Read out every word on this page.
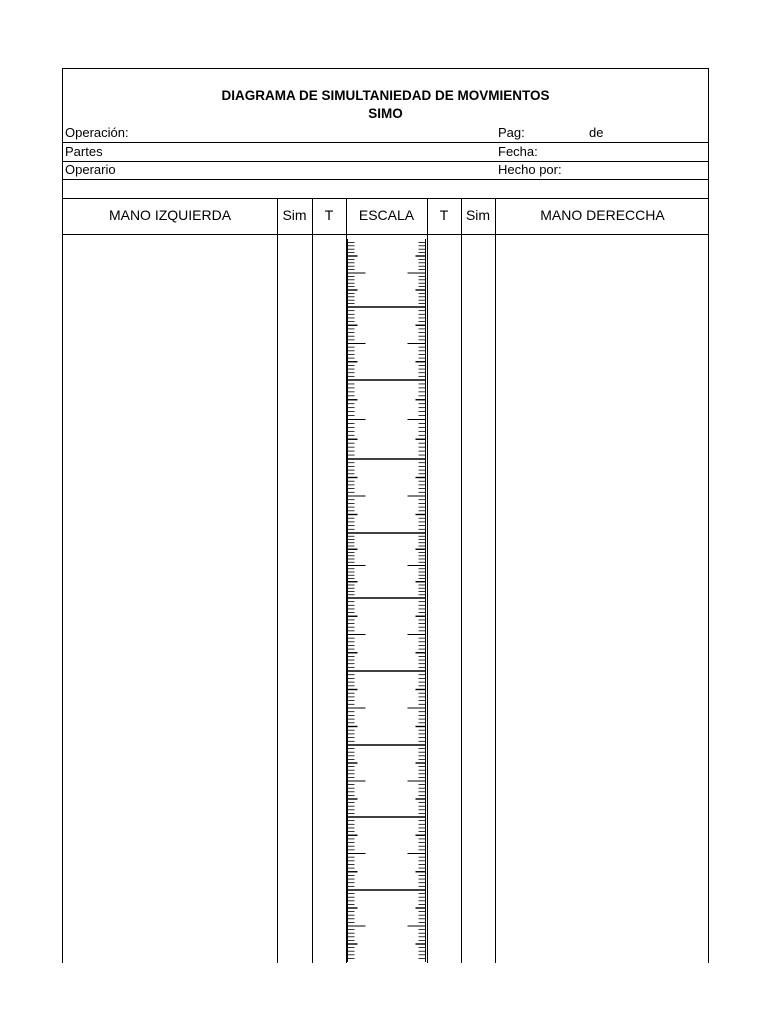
DIAGRAMA DE SIMULTANIEDAD DE MOVMIENTOS
SIMO
Operación:	Pag:	de
Partes	Fecha:
Operario	Hecho por:
MANO IZQUIERDA	Sim	T	ESCALA	T	Sim	MANO DERECCHA
